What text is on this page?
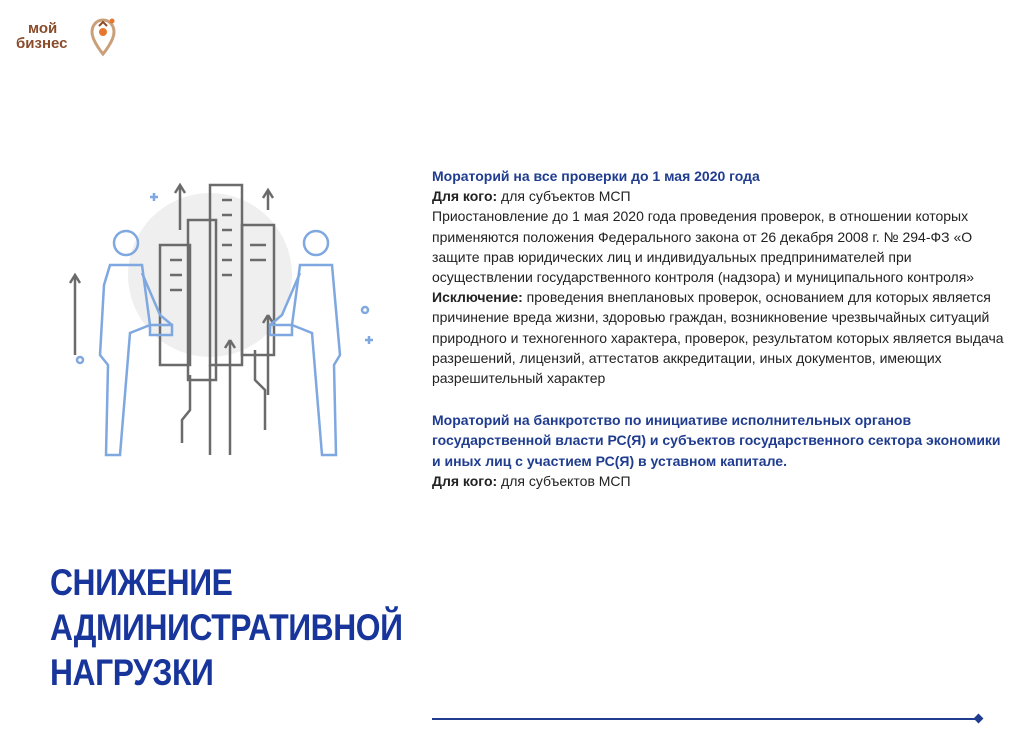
мой
бизнес

Мораторий на все проверки до 1 мая 2020 года

Для кого: для субъектов МСП

Приостановление до 1 мая 2020 года проведения проверок, в отношении которых применяются положения Федерального закона от 26 декабря 2008 г. № 294-ФЗ «О защите прав юридических лиц и индивидуальных предпринимателей при осуществлении государственного контроля (надзора) и муниципального контроля»

Исключение: проведения внеплановых проверок, основанием для которых является причинение вреда жизни, здоровью граждан, возникновение чрезвычайных ситуаций природного и техногенного характера, проверок, результатом которых является выдача разрешений, лицензий, аттестатов аккредитации, иных документов, имеющих разрешительный характер

Мораторий на банкротство по инициативе исполнительных органов государственной власти РС(Я) и субъектов государственного сектора экономики и иных лиц с участием РС(Я) в уставном капитале.

Для кого: для субъектов МСП

СНИЖЕНИЕ
АДМИНИСТРАТИВНОЙ
НАГРУЗКИ
